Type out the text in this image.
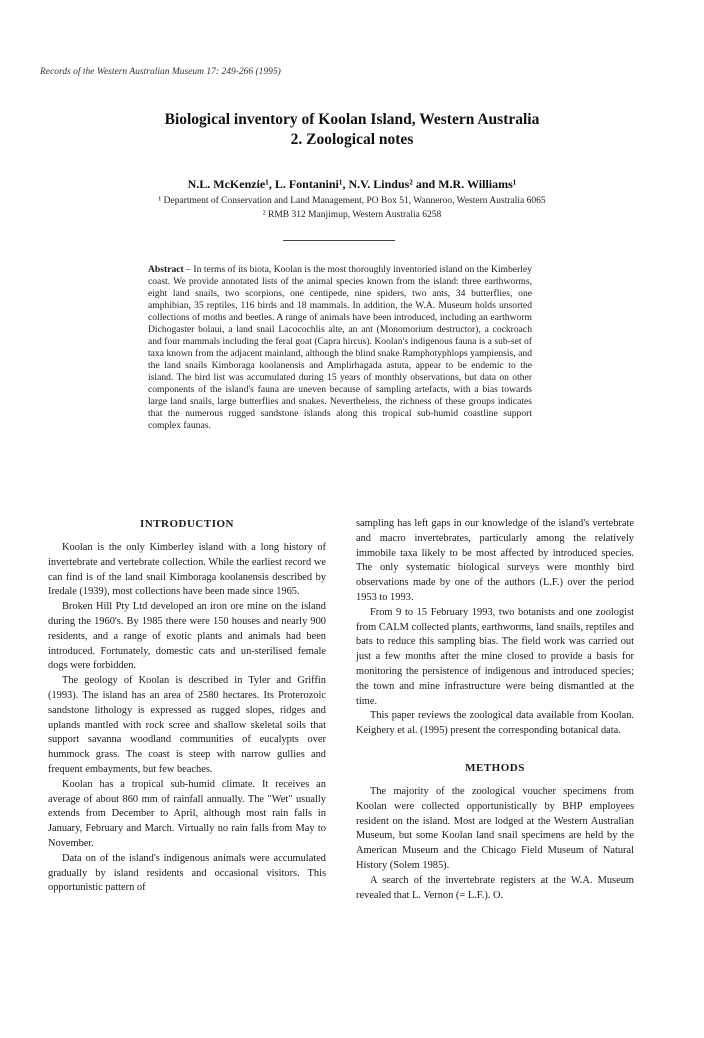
Records of the Western Australian Museum 17: 249-266 (1995)
Biological inventory of Koolan Island, Western Australia
2. Zoological notes
N.L. McKenzie¹, L. Fontanini¹, N.V. Lindus² and M.R. Williams¹
¹ Department of Conservation and Land Management, PO Box 51, Wanneroo, Western Australia 6065
² RMB 312 Manjimup, Western Australia 6258
Abstract – In terms of its biota, Koolan is the most thoroughly inventoried island on the Kimberley coast. We provide annotated lists of the animal species known from the island: three earthworms, eight land snails, two scorpions, one centipede, nine spiders, two ants, 34 butterflies, one amphibian, 35 reptiles, 116 birds and 18 mammals. In addition, the W.A. Museum holds unsorted collections of moths and beetles. A range of animals have been introduced, including an earthworm Dichogaster bolaui, a land snail Lacocochlis alte, an ant (Monomorium destructor), a cockroach and four mammals including the feral goat (Capra hircus). Koolan's indigenous fauna is a sub-set of taxa known from the adjacent mainland, although the blind snake Ramphotyphlops yampiensis, and the land snails Kimboraga koolanensis and Amplirhagada astuta, appear to be endemic to the island. The bird list was accumulated during 15 years of monthly observations, but data on other components of the island's fauna are uneven because of sampling artefacts, with a bias towards large land snails, large butterflies and snakes. Nevertheless, the richness of these groups indicates that the numerous rugged sandstone islands along this tropical sub-humid coastline support complex faunas.
INTRODUCTION

Koolan is the only Kimberley island with a long history of invertebrate and vertebrate collection. While the earliest record we can find is of the land snail Kimboraga koolanensis described by Iredale (1939), most collections have been made since 1965.

Broken Hill Pty Ltd developed an iron ore mine on the island during the 1960's. By 1985 there were 150 houses and nearly 900 residents, and a range of exotic plants and animals had been introduced. Fortunately, domestic cats and un-sterilised female dogs were forbidden.

The geology of Koolan is described in Tyler and Griffin (1993). The island has an area of 2580 hectares. Its Proterozoic sandstone lithology is expressed as rugged slopes, ridges and uplands mantled with rock scree and shallow skeletal soils that support savanna woodland communities of eucalypts over hummock grass. The coast is steep with narrow gullies and frequent embayments, but few beaches.

Koolan has a tropical sub-humid climate. It receives an average of about 860 mm of rainfall annually. The "Wet" usually extends from December to April, although most rain falls in January, February and March. Virtually no rain falls from May to November.

Data on of the island's indigenous animals were accumulated gradually by island residents and occasional visitors. This opportunistic pattern of

sampling has left gaps in our knowledge of the island's vertebrate and macro invertebrates, particularly among the relatively immobile taxa likely to be most affected by introduced species. The only systematic biological surveys were monthly bird observations made by one of the authors (L.F.) over the period 1953 to 1993.

From 9 to 15 February 1993, two botanists and one zoologist from CALM collected plants, earthworms, land snails, reptiles and bats to reduce this sampling bias. The field work was carried out just a few months after the mine closed to provide a basis for monitoring the persistence of indigenous and introduced species; the town and mine infrastructure were being dismantled at the time.

This paper reviews the zoological data available from Koolan. Keighery et al. (1995) present the corresponding botanical data.

METHODS

The majority of the zoological voucher specimens from Koolan were collected opportunistically by BHP employees resident on the island. Most are lodged at the Western Australian Museum, but some Koolan land snail specimens are held by the American Museum and the Chicago Field Museum of Natural History (Solem 1985).

A search of the invertebrate registers at the W.A. Museum revealed that L. Vernon (= L.F.). O.
